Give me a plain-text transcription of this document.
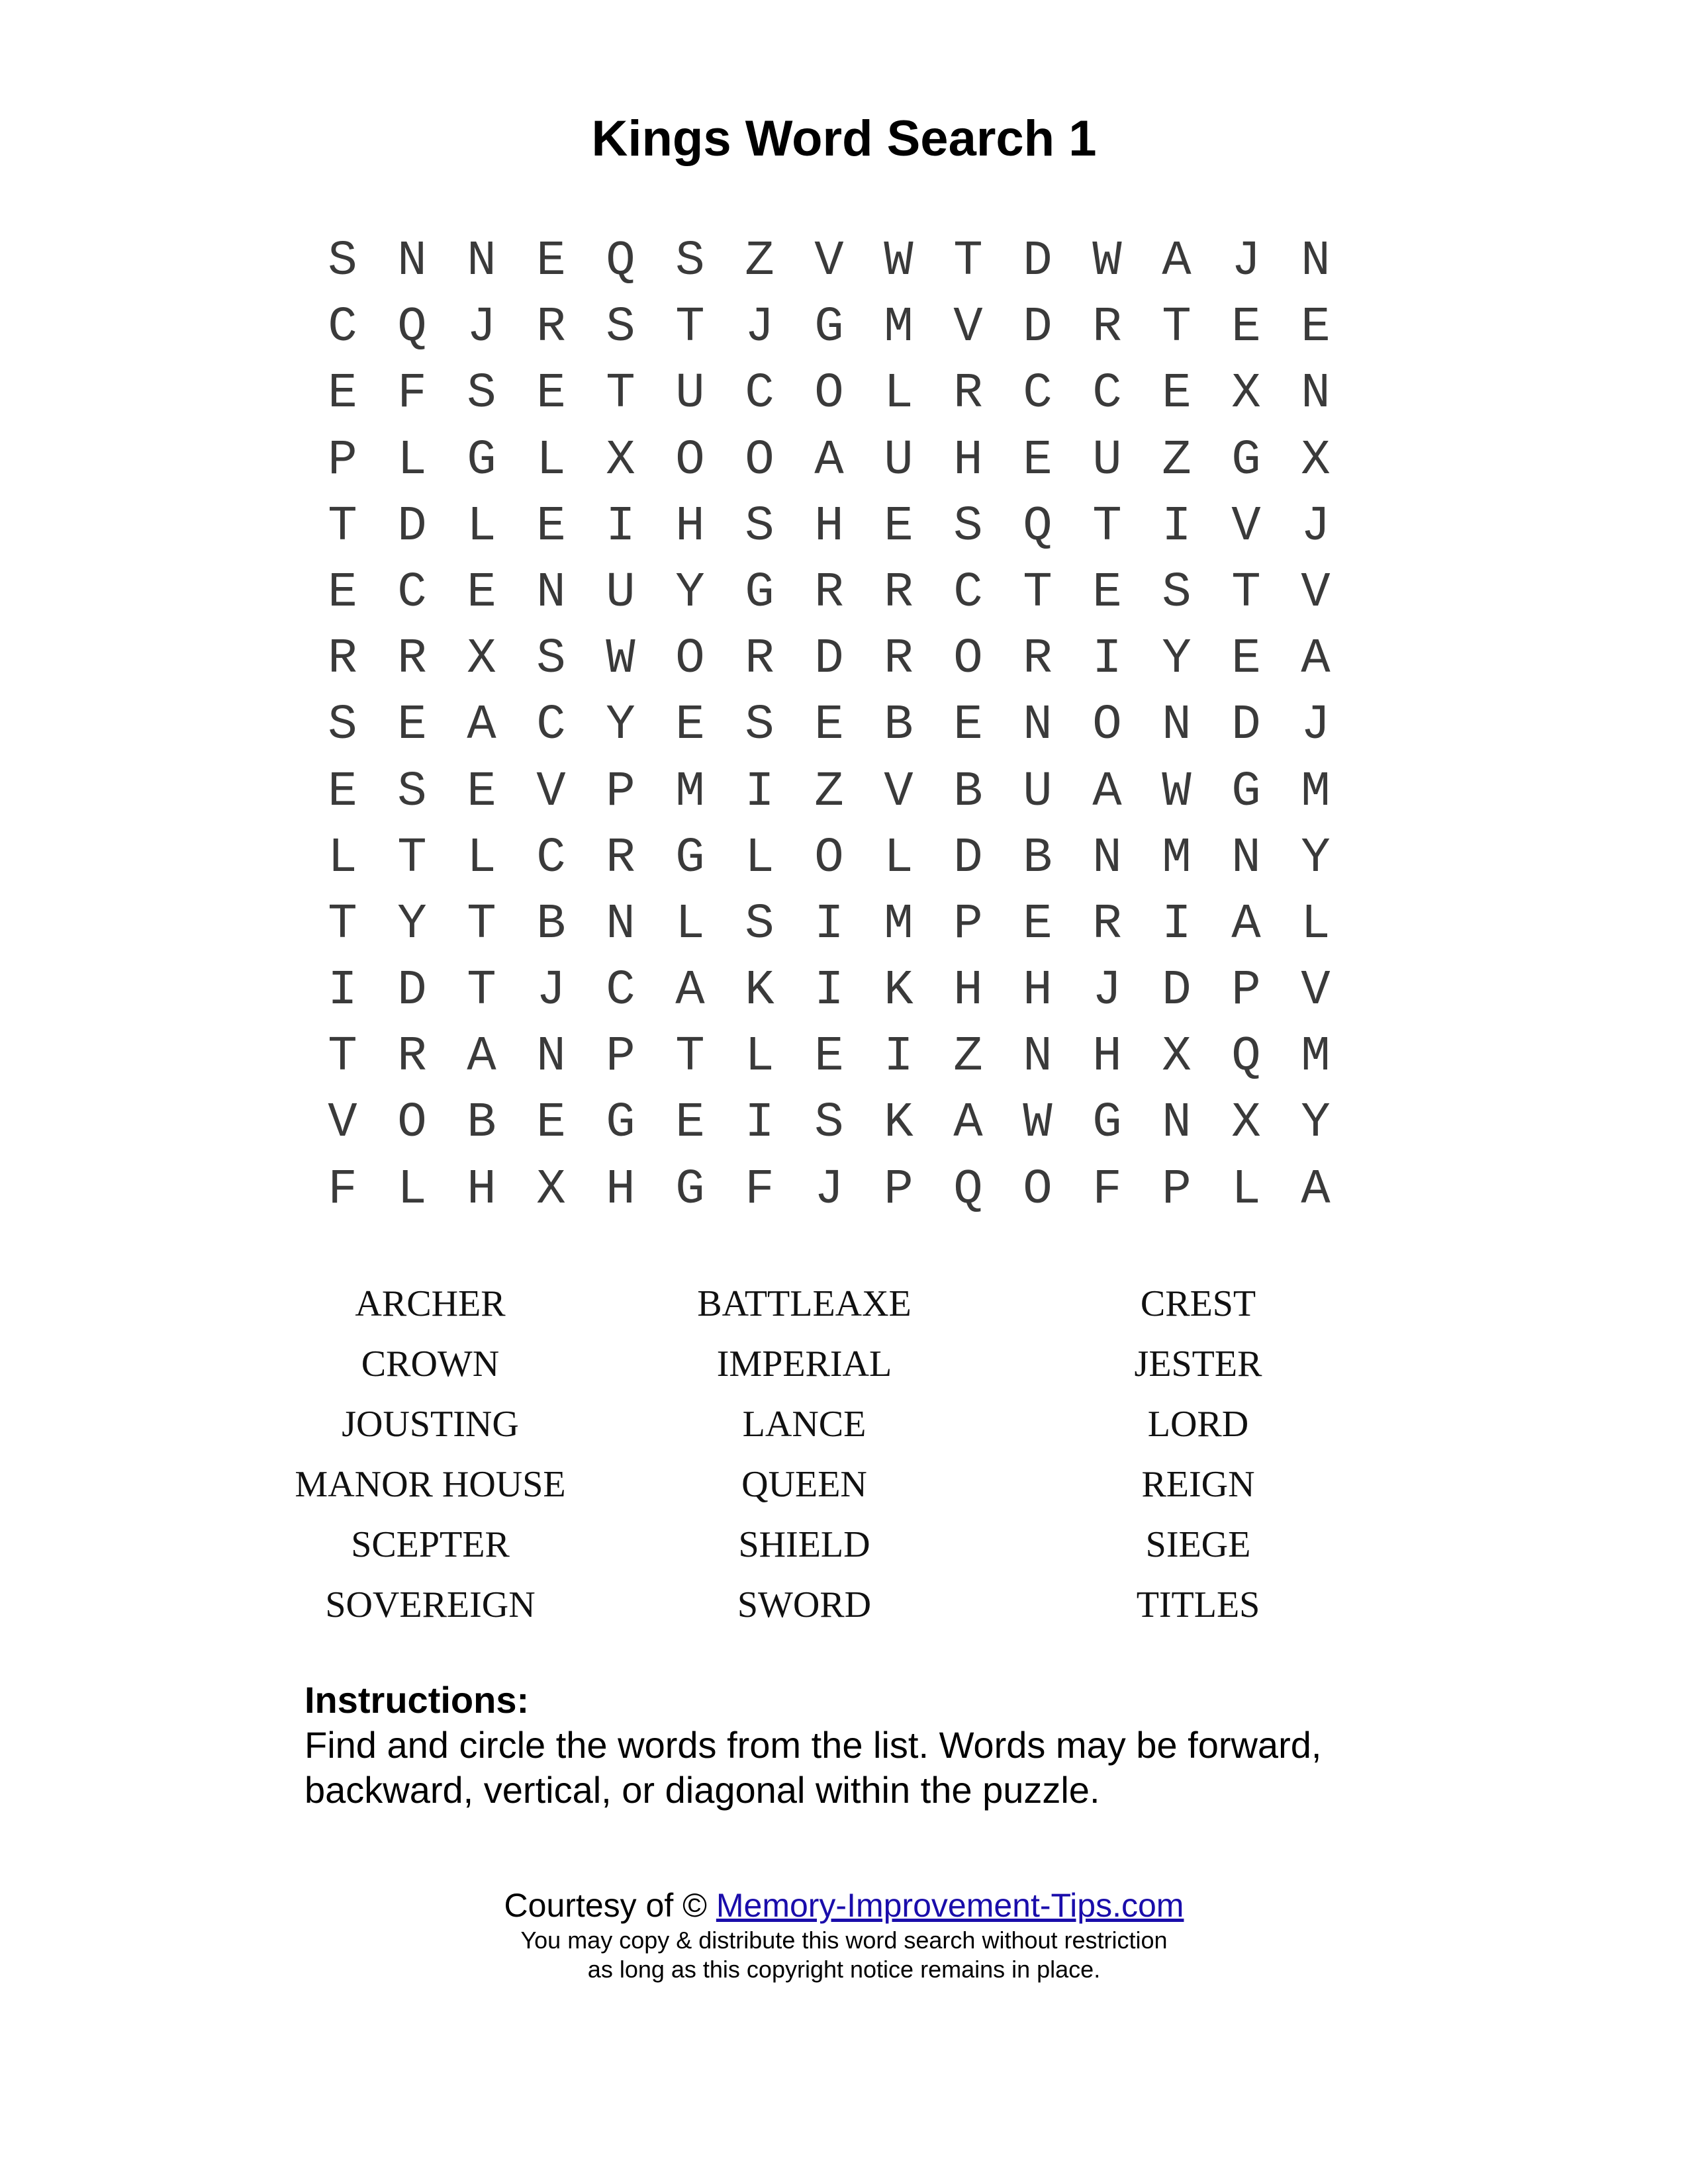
Kings Word Search 1
S N N E Q S Z V W T D W A J N
C Q J R S T J G M V D R T E E
E F S E T U C O L R C C E X N
P L G L X O O A U H E U Z G X
T D L E I H S H E S Q T I V J
E C E N U Y G R R C T E S T V
R R X S W O R D R O R I Y E A
S E A C Y E S E B E N O N D J
E S E V P M I Z V B U A W G M
L T L C R G L O L D B N M N Y
T Y T B N L S I M P E R I A L
I D T J C A K I K H H J D P V
T R A N P T L E I Z N H X Q M
V O B E G E I S K A W G N X Y
F L H X H G F J P Q O F P L A
ARCHER	BATTLEAXE	CREST
CROWN	IMPERIAL	JESTER
JOUSTING	LANCE	LORD
MANOR HOUSE	QUEEN	REIGN
SCEPTER	SHIELD	SIEGE
SOVEREIGN	SWORD	TITLES
Instructions:
Find and circle the words from the list. Words may be forward, backward, vertical, or diagonal within the puzzle.
Courtesy of © Memory-Improvement-Tips.com
You may copy & distribute this word search without restriction
as long as this copyright notice remains in place.
